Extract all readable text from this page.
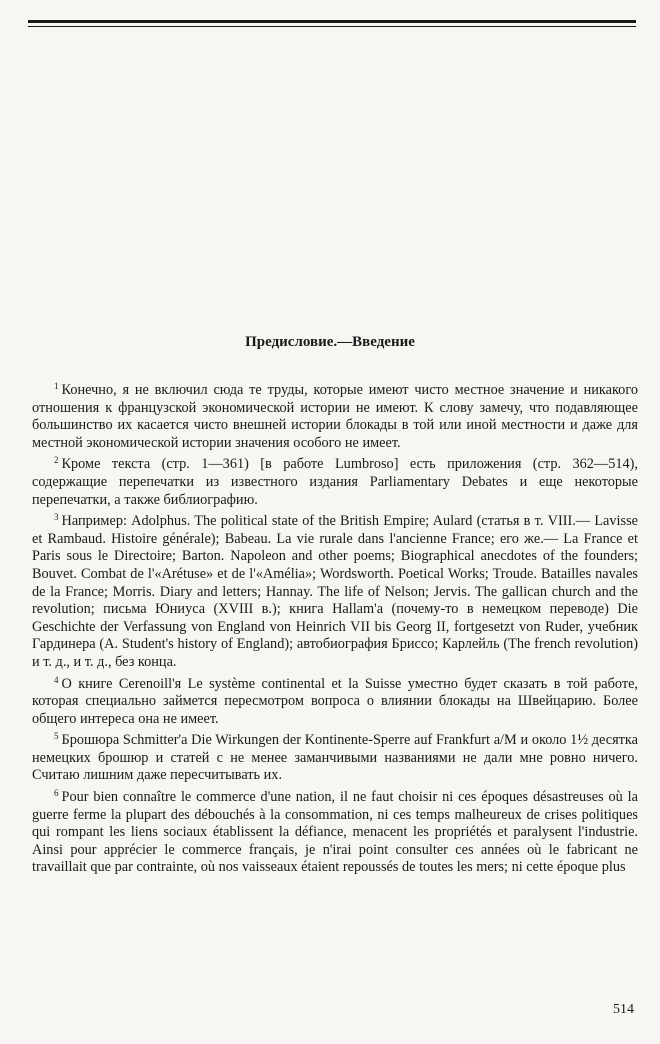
Предисловие.—Введение

$^1$ Конечно, я не включил сюда те труды, которые имеют чисто местное значение и никакого отношения к французской экономической истории не имеют. К слову замечу, что подавляющее большинство их касается чисто внешней истории блокады в той или иной местности и даже для местной экономической истории значения особого не имеет.

$^2$ Кроме текста (стр. 1—361) [в работе Lumbroso] есть приложения (стр. 362—514), содержащие перепечатки из известного издания Parliamentary Debates и еще некоторые перепечатки, а также библиографию.

$^3$ Например: Adolphus. The political state of the British Empire; Aulard (статья в т. VIII.— Lavisse et Rambaud. Histoire générale); Babeau. La vie rurale dans l'ancienne France; его же.— La France et Paris sous le Directoire; Barton. Napoleon and other poems; Biographical anecdotes of the founders; Bouvet. Combat de l'«Arétuse» et de l'«Amélia»; Wordsworth. Poetical Works; Troude. Batailles navales de la France; Morris. Diary and letters; Hannay. The life of Nelson; Jervis. The gallican church and the revolution; письма Юниуса (XVIII в.); книга Hallam'a (почему-то в немецком переводе) Die Geschichte der Verfassung von England von Heinrich VII bis Georg II, fortgesetzt von Ruder, учебник Гардинера (A. Student's history of England); автобиография Бриссо; Карлейль (The french revolution) и т. д., и т. д., без конца.

$^4$ О книге Cerenoill'я Le système continental et la Suisse уместно будет сказать в той работе, которая специально займется пересмотром вопроса о влиянии блокады на Швейцарию. Более общего интереса она не имеет.

$^5$ Брошюра Schmitter'а Die Wirkungen der Kontinente-Sperre auf Frankfurt a/M и около 1½ десятка немецких брошюр и статей с не менее заманчивыми названиями не дали мне ровно ничего. Считаю лишним даже пересчитывать их.

$^6$ Pour bien connaître le commerce d'une nation, il ne faut choisir ni ces époques désastreuses où la guerre ferme la plupart des débouchés à la consommation, ni ces temps malheureux de crises politiques qui rompant les liens sociaux établissent la défiance, menacent les propriétés et paralysent l'industrie. Ainsi pour apprécier le commerce français, je n'irai point consulter ces années où le fabricant ne travaillait que par contrainte, où nos vaisseaux étaient repoussés de toutes les mers; ni cette époque plus

514
